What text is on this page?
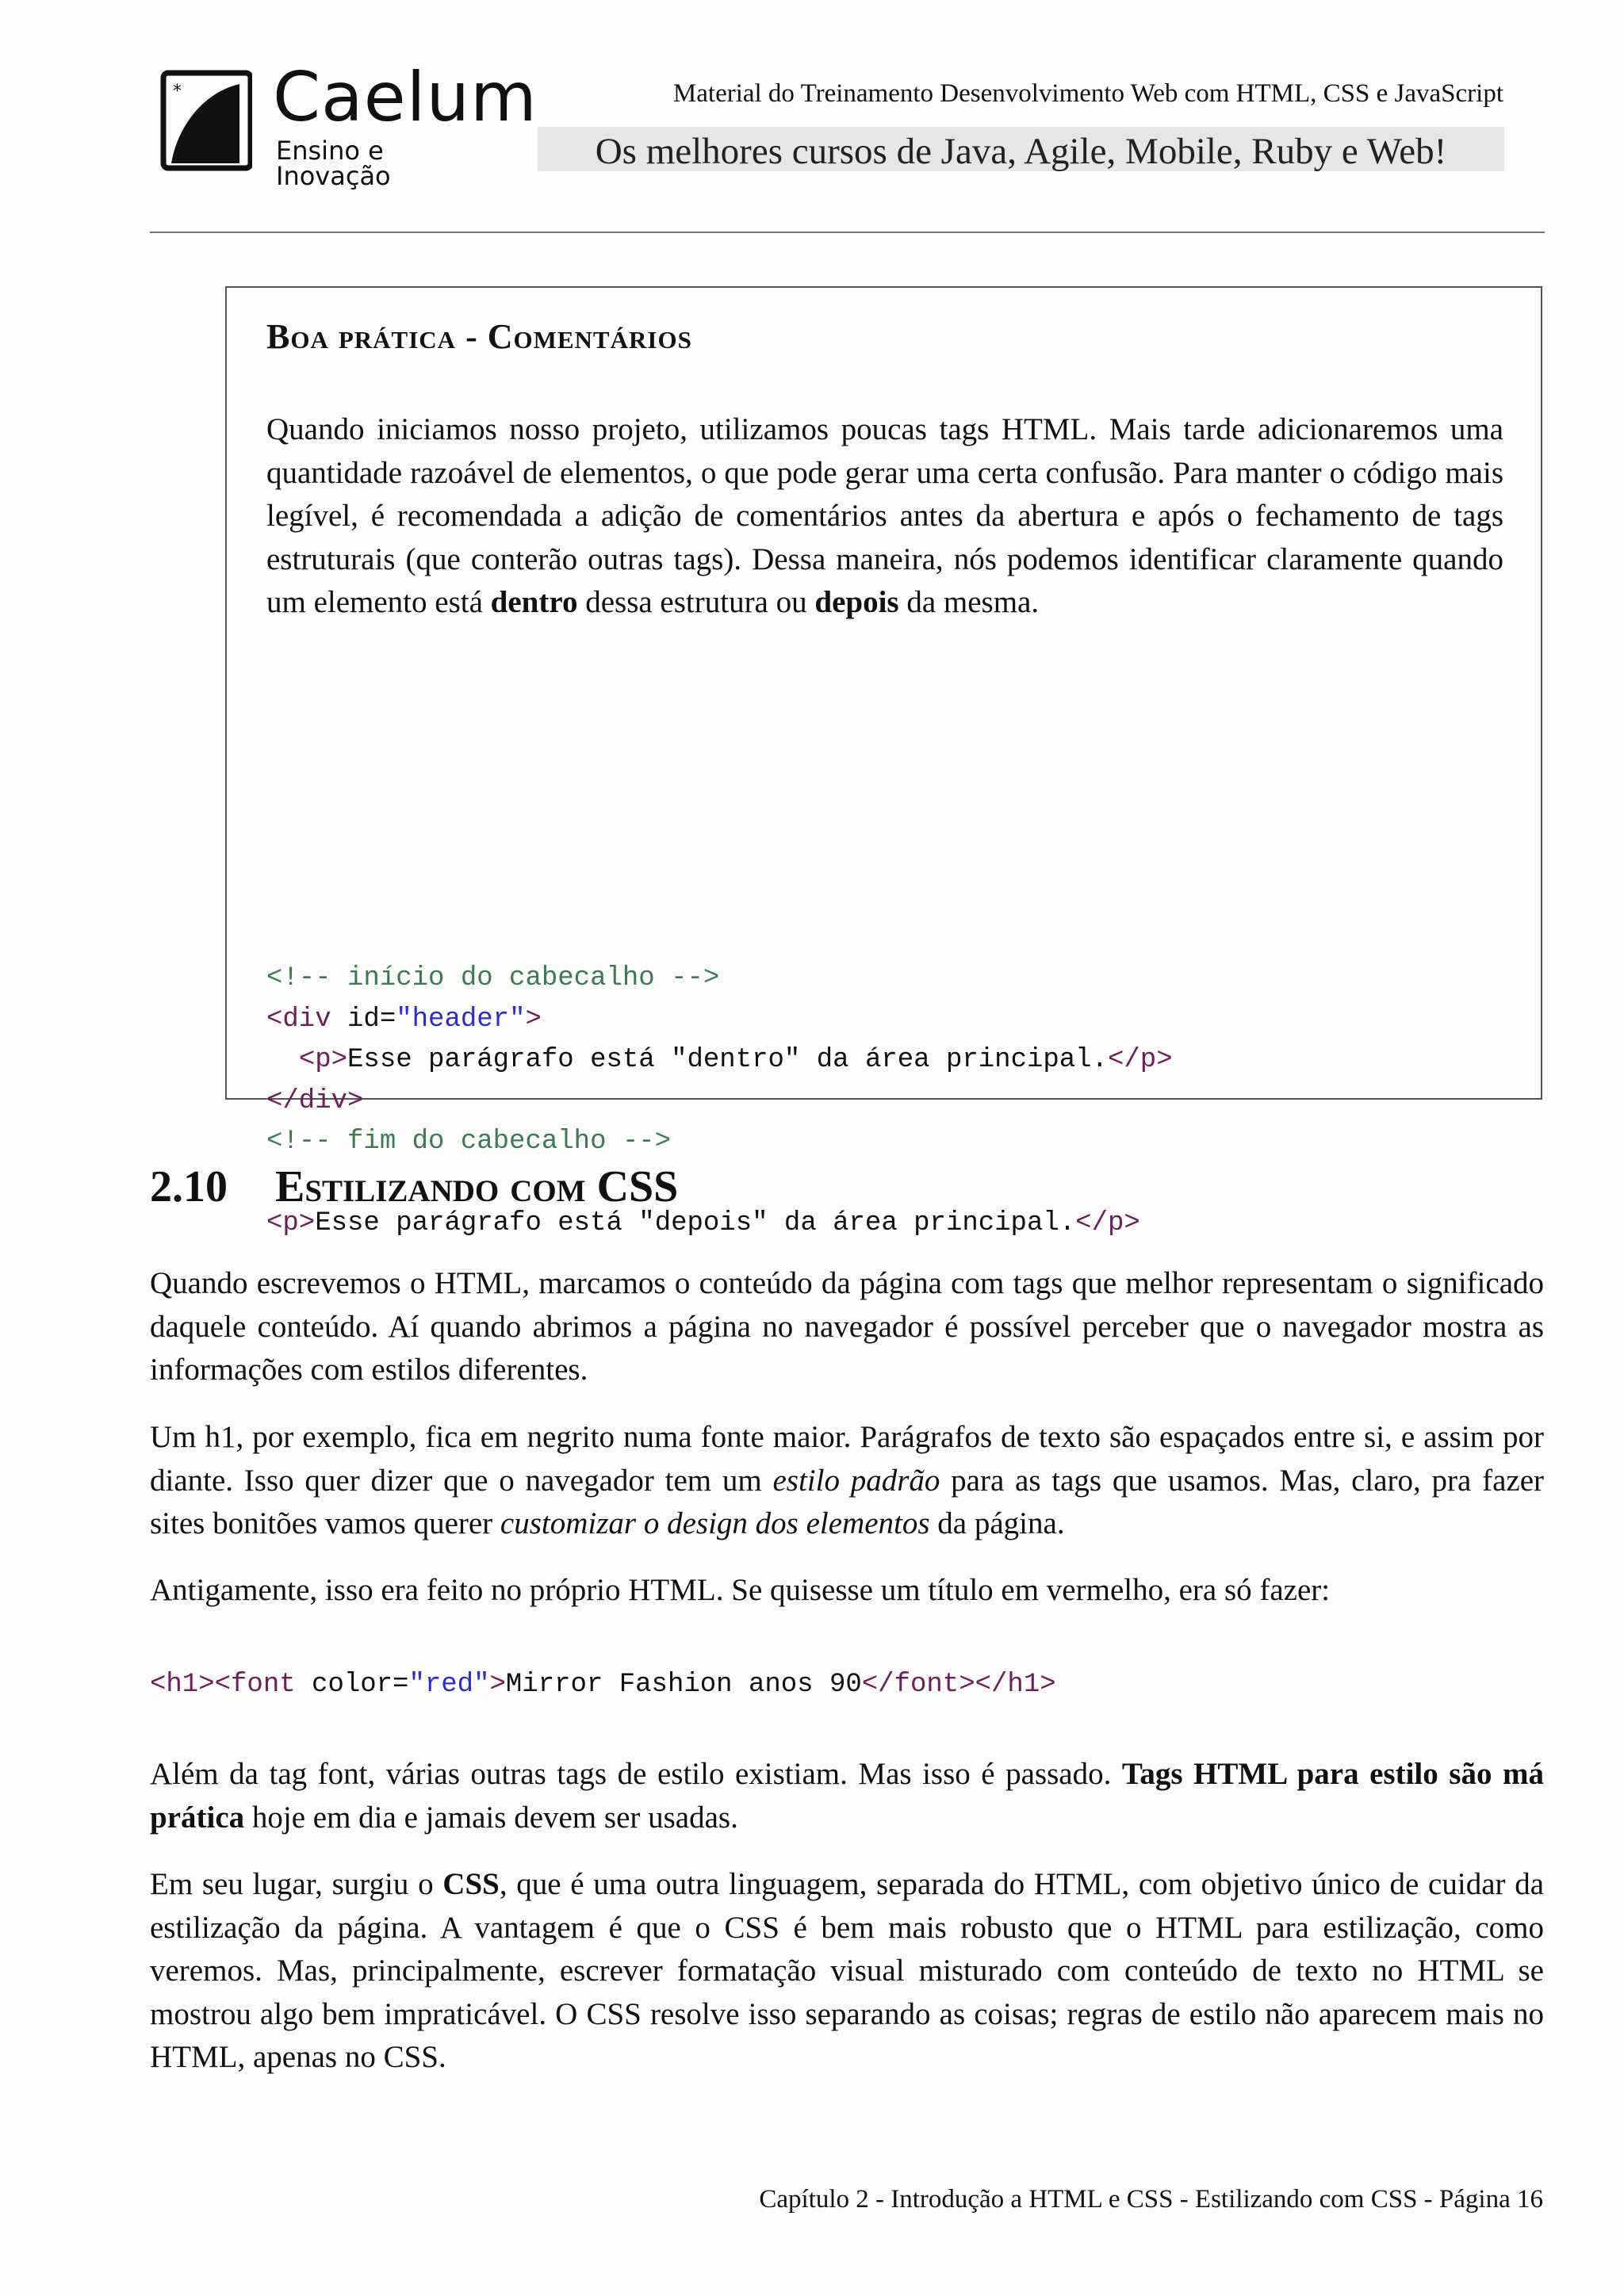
* Caelum
Ensino e Inovação
Material do Treinamento Desenvolvimento Web com HTML, CSS e JavaScript
Os melhores cursos de Java, Agile, Mobile, Ruby e Web!
Boa prática - Comentários

Quando iniciamos nosso projeto, utilizamos poucas tags HTML. Mais tarde adicionaremos uma quantidade razoável de elementos, o que pode gerar uma certa confusão. Para manter o código mais legível, é recomendada a adição de comentários antes da abertura e após o fechamento de tags estruturais (que conterão outras tags). Dessa maneira, nós podemos identificar claramente quando um elemento está dentro dessa estrutura ou depois da mesma.

<!-- início do cabecalho -->
<div id="header">
<p>Esse parágrafo está "dentro" da área principal.</p>
</div>
<!-- fim do cabecalho -->

<p>Esse parágrafo está "depois" da área principal.</p>
2.10 Estilizando com CSS

Quando escrevemos o HTML, marcamos o conteúdo da página com tags que melhor representam o significado daquele conteúdo. Aí quando abrimos a página no navegador é possível perceber que o navegador mostra as informações com estilos diferentes.

Um h1, por exemplo, fica em negrito numa fonte maior. Parágrafos de texto são espaçados entre si, e assim por diante. Isso quer dizer que o navegador tem um estilo padrão para as tags que usamos. Mas, claro, pra fazer sites bonitões vamos querer customizar o design dos elementos da página.

Antigamente, isso era feito no próprio HTML. Se quisesse um título em vermelho, era só fazer:

<h1><font color="red">Mirror Fashion anos 90</font></h1>

Além da tag font, várias outras tags de estilo existiam. Mas isso é passado. Tags HTML para estilo são má prática hoje em dia e jamais devem ser usadas.

Em seu lugar, surgiu o CSS, que é uma outra linguagem, separada do HTML, com objetivo único de cuidar da estilização da página. A vantagem é que o CSS é bem mais robusto que o HTML para estilização, como veremos. Mas, principalmente, escrever formatação visual misturado com conteúdo de texto no HTML se mostrou algo bem impraticável. O CSS resolve isso separando as coisas; regras de estilo não aparecem mais no HTML, apenas no CSS.

Capítulo 2 - Introdução a HTML e CSS - Estilizando com CSS - Página 16
